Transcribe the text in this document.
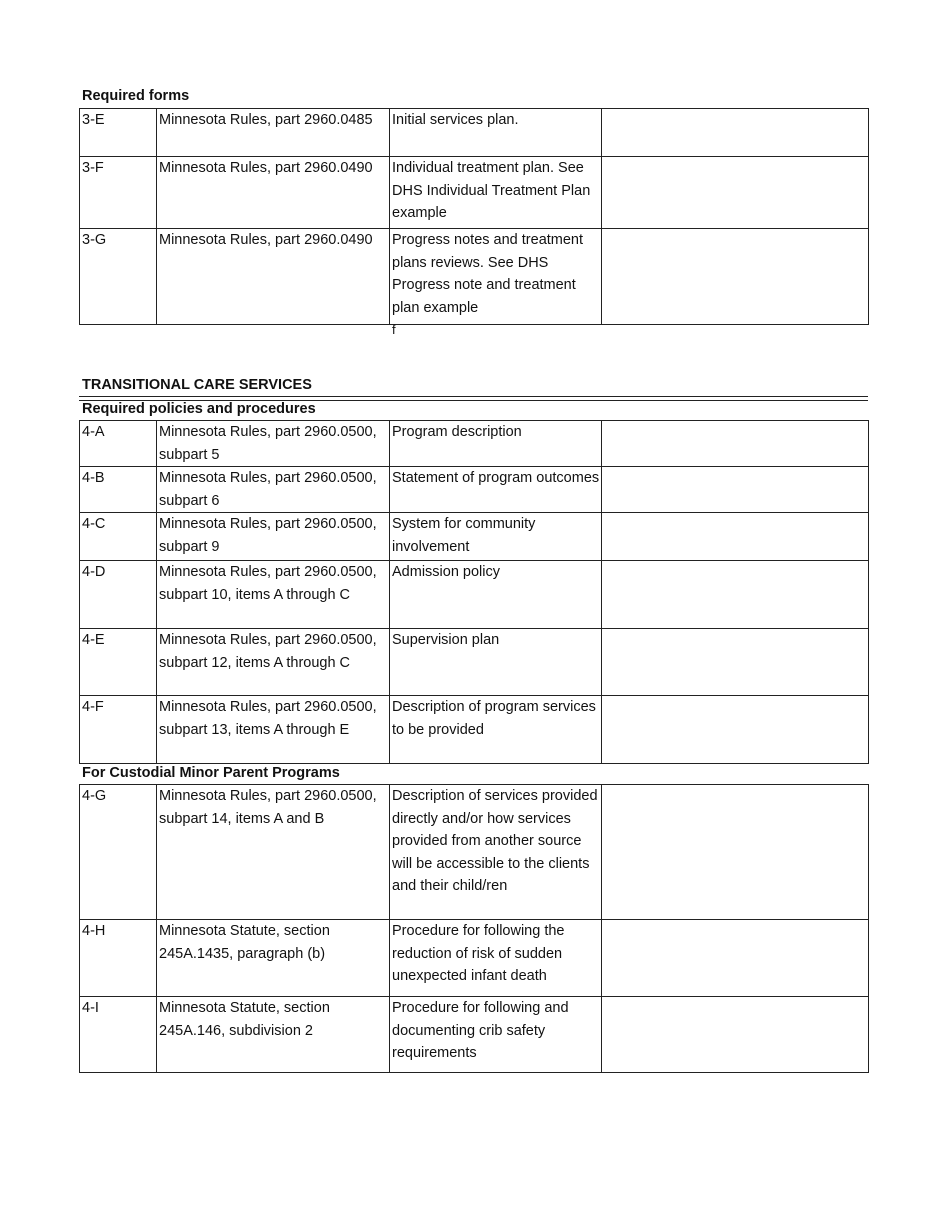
Required forms
3-E	Minnesota Rules, part 2960.0485	Initial services plan.	
3-F	Minnesota Rules, part 2960.0490	Individual treatment plan. See DHS Individual Treatment Plan example	
3-G	Minnesota Rules, part 2960.0490	Progress notes and treatment plans reviews. See DHS Progress note and treatment plan example	
f
TRANSITIONAL CARE SERVICES
Required policies and procedures
4-A	Minnesota Rules, part 2960.0500, subpart 5	Program description	
4-B	Minnesota Rules, part 2960.0500, subpart 6	Statement of program outcomes	
4-C	Minnesota Rules, part 2960.0500, subpart 9	System for community involvement	
4-D	Minnesota Rules, part 2960.0500, subpart 10, items A through C	Admission policy	
4-E	Minnesota Rules, part 2960.0500, subpart 12, items A through C	Supervision plan	
4-F	Minnesota Rules, part 2960.0500, subpart 13, items A through E	Description of program services to be provided	
For Custodial Minor Parent Programs
4-G	Minnesota Rules, part 2960.0500, subpart 14, items A and B	Description of services provided directly and/or how services provided from another source will be accessible to the clients and their child/ren	
4-H	Minnesota Statute, section 245A.1435, paragraph (b)	Procedure for following the reduction of risk of sudden unexpected infant death	
4-I	Minnesota Statute, section 245A.146, subdivision 2	Procedure for following and documenting crib safety requirements	
